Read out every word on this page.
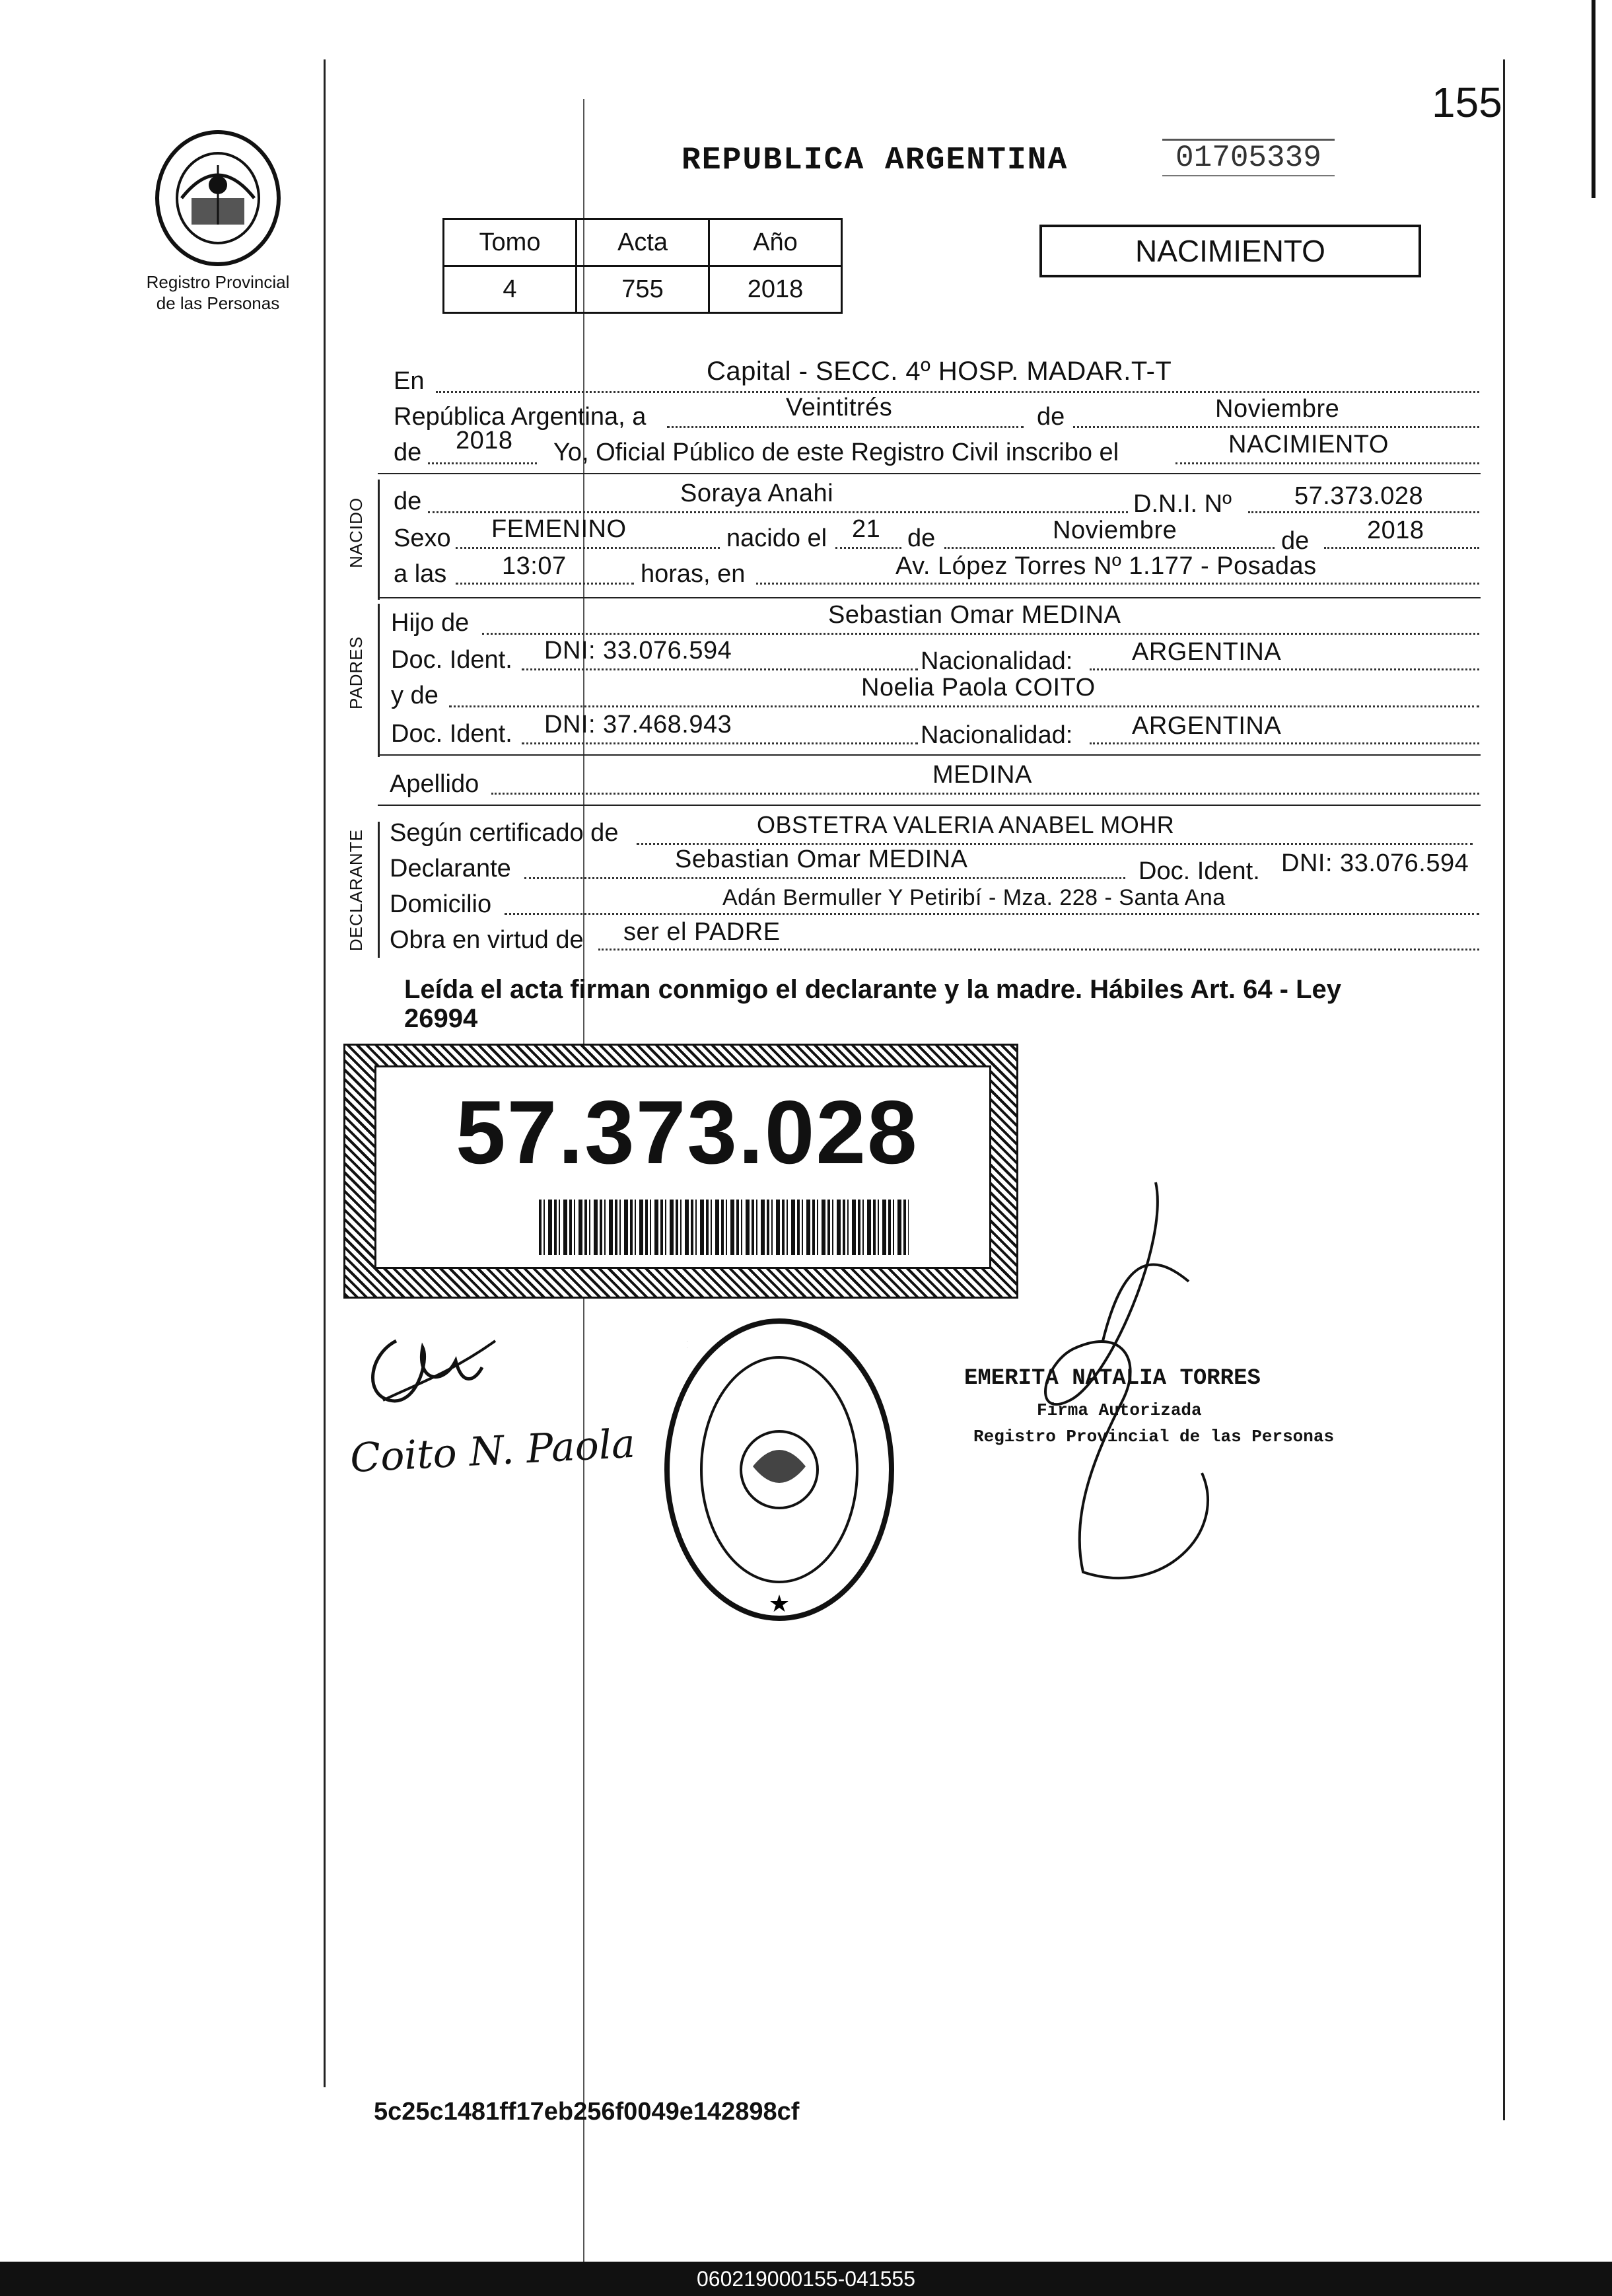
155
Registro Provincial
de las Personas
REPUBLICA ARGENTINA	01705339
Tomo	Acta	Año
4	755	2018
NACIMIENTO
En	Capital - SECC. 4º HOSP. MADAR.T-T
República Argentina, a	Veintitrés	de	Noviembre
de 2018 Yo, Oficial Público de este Registro Civil inscribo el	NACIMIENTO
NACIDO de	Soraya Anahi	D.N.I. Nº	57.373.028
Sexo FEMENINO	nacido el 21 de	Noviembre	de 2018
a las 13:07	horas, en	Av. López Torres Nº 1.177 - Posadas
PADRES
Hijo de	Sebastian Omar MEDINA
Doc. Ident. DNI: 33.076.594	Nacionalidad: ARGENTINA
y de	Noelia Paola COITO
Doc. Ident. DNI: 37.468.943	Nacionalidad: ARGENTINA
Apellido	MEDINA
DECLARANTE Según certificado de	OBSTETRA VALERIA ANABEL MOHR
Declarante	Sebastian Omar MEDINA	Doc. Ident. DNI: 33.076.594
Domicilio	Adán Bermuller Y Petiribí - Mza. 228 - Santa Ana
Obra en virtud de ser el PADRE
Leída el acta firman conmigo el declarante y la madre. Hábiles Art. 64 - Ley
26994
57.373.028
Coito N. Paola
★
EMERITA NATALIA TORRES
Firma Autorizada
Registro Provincial de las Personas
5c25c1481ff17eb256f0049e142898cf
060219000155-041555
